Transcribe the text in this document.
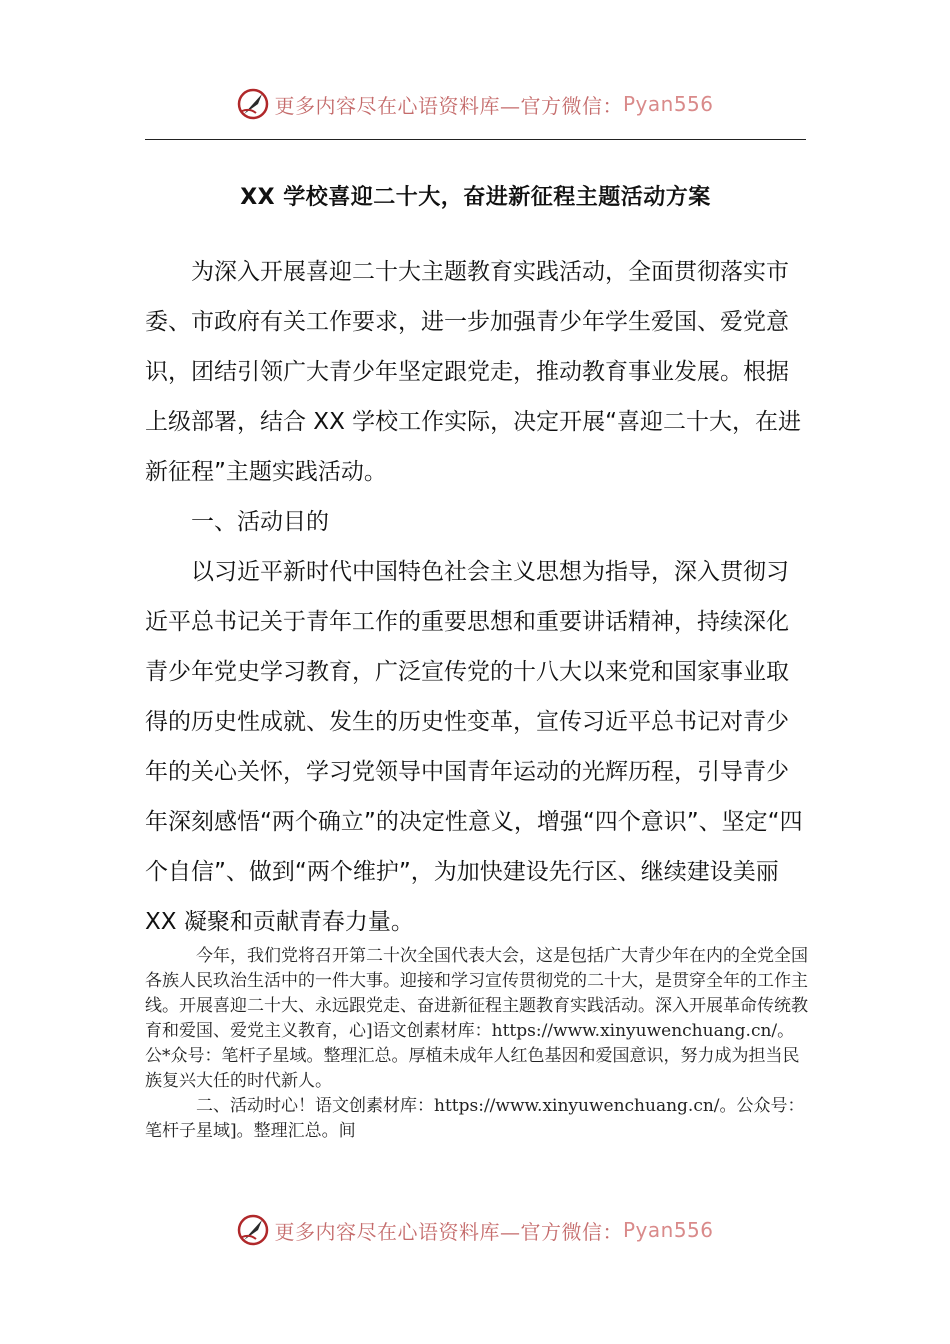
更多内容尽在心语资料库—官方微信： Pyan556
XX 学校喜迎二十大，奋进新征程主题活动方案

为深入开展喜迎二十大主题教育实践活动，全面贯彻落实市委、市政府有关工作要求，进一步加强青少年学生爱国、爱党意识，团结引领广大青少年坚定跟党走，推动教育事业发展。根据上级部署，结合 XX 学校工作实际，决定开展“喜迎二十大，在进新征程”主题实践活动。

一、活动目的

以习近平新时代中国特色社会主义思想为指导，深入贯彻习近平总书记关于青年工作的重要思想和重要讲话精神，持续深化青少年党史学习教育，广泛宣传党的十八大以来党和国家事业取得的历史性成就、发生的历史性变革，宣传习近平总书记对青少年的关心关怀，学习党领导中国青年运动的光辉历程，引导青少年深刻感悟“两个确立”的决定性意义，增强“四个意识”、坚定“四个自信”、做到“两个维护”，为加快建设先行区、继续建设美丽 XX 凝聚和贡献青春力量。

今年，我们党将召开第二十次全国代表大会，这是包括广大青少年在内的全党全国各族人民玖治生活中的一件大事。迎接和学习宣传贯彻党的二十大，是贯穿全年的工作主线。开展喜迎二十大、永远跟党走、奋进新征程主题教育实践活动。深入开展革命传统教育和爱国、爱党主义教育，心]语文创素材库：https://www.xinyuwenchuang.cn/。公*众号：笔杆子星域。整理汇总。厚植未成年人红色基因和爱国意识，努力成为担当民族复兴大任的时代新人。

二、活动时心！语文创素材库：https://www.xinyuwenchuang.cn/。公众号：笔杆子星域]。整理汇总。间

更多内容尽在心语资料库—官方微信： Pyan556
